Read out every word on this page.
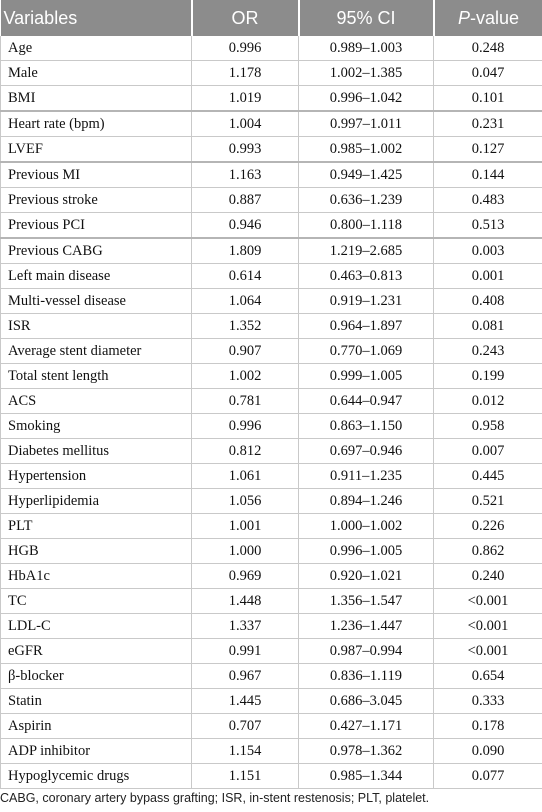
Variables	OR	95% CI	P-value
Age	0.996	0.989–1.003	0.248
Male	1.178	1.002–1.385	0.047
BMI	1.019	0.996–1.042	0.101
Heart rate (bpm)	1.004	0.997–1.011	0.231
LVEF	0.993	0.985–1.002	0.127
Previous MI	1.163	0.949–1.425	0.144
Previous stroke	0.887	0.636–1.239	0.483
Previous PCI	0.946	0.800–1.118	0.513
Previous CABG	1.809	1.219–2.685	0.003
Left main disease	0.614	0.463–0.813	0.001
Multi-vessel disease	1.064	0.919–1.231	0.408
ISR	1.352	0.964–1.897	0.081
Average stent diameter	0.907	0.770–1.069	0.243
Total stent length	1.002	0.999–1.005	0.199
ACS	0.781	0.644–0.947	0.012
Smoking	0.996	0.863–1.150	0.958
Diabetes mellitus	0.812	0.697–0.946	0.007
Hypertension	1.061	0.911–1.235	0.445
Hyperlipidemia	1.056	0.894–1.246	0.521
PLT	1.001	1.000–1.002	0.226
HGB	1.000	0.996–1.005	0.862
HbA1c	0.969	0.920–1.021	0.240
TC	1.448	1.356–1.547	<0.001
LDL-C	1.337	1.236–1.447	<0.001
eGFR	0.991	0.987–0.994	<0.001
β-blocker	0.967	0.836–1.119	0.654
Statin	1.445	0.686–3.045	0.333
Aspirin	0.707	0.427–1.171	0.178
ADP inhibitor	1.154	0.978–1.362	0.090
Hypoglycemic drugs	1.151	0.985–1.344	0.077
CABG, coronary artery bypass grafting; ISR, in-stent restenosis; PLT, platelet.
